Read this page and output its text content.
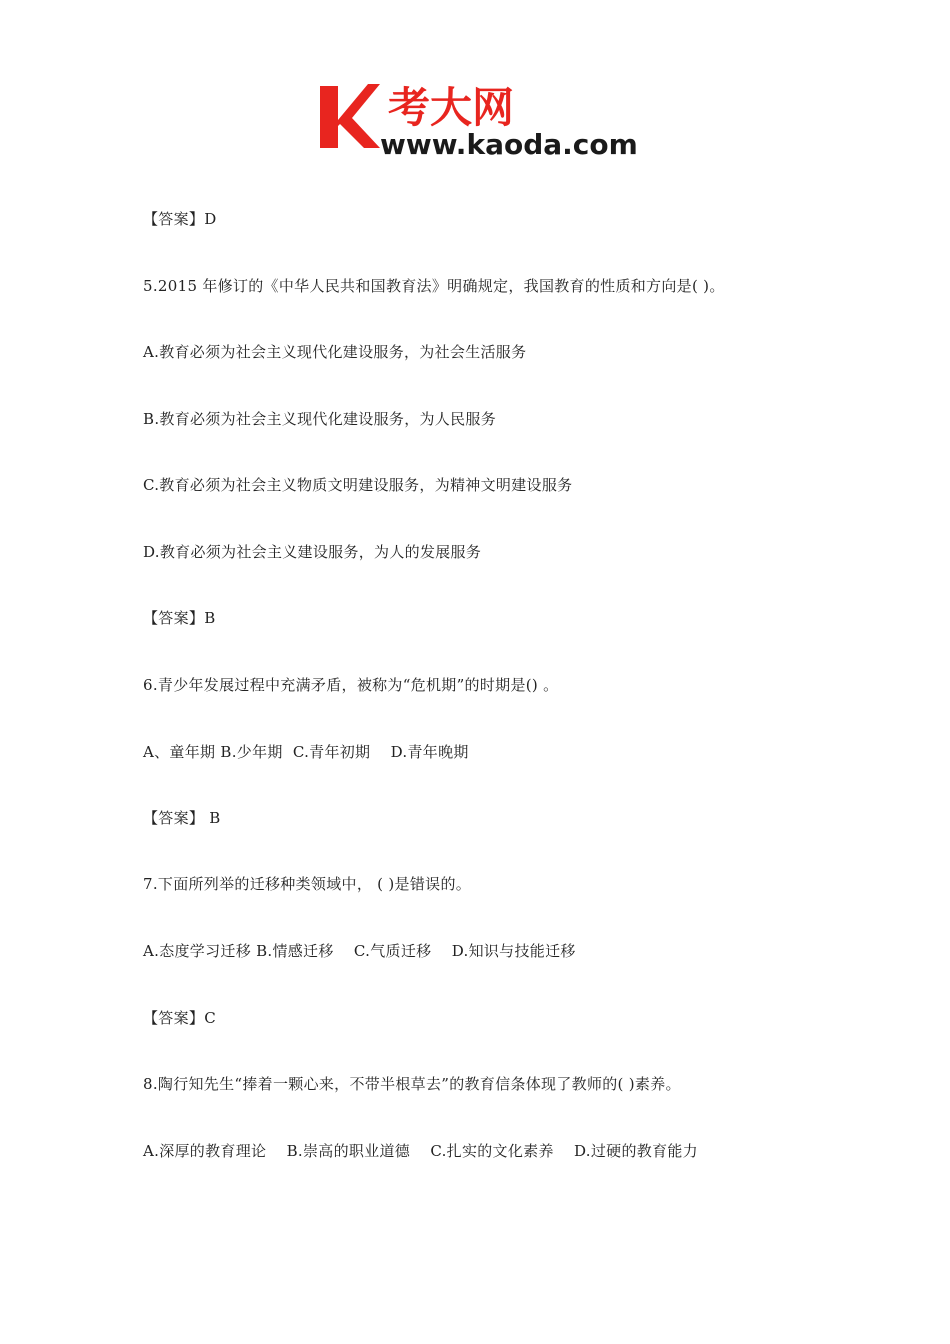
考大网
www.kaoda.com
【答案】D
5.2015 年修订的《中华人民共和国教育法》明确规定，我国教育的性质和方向是( )。
A.教育必须为社会主义现代化建设服务，为社会生活服务
B.教育必须为社会主义现代化建设服务，为人民服务
C.教育必须为社会主义物质文明建设服务，为精神文明建设服务
D.教育必须为社会主义建设服务，为人的发展服务
【答案】B
6.青少年发展过程中充满矛盾，被称为“危机期”的时期是() 。
A、童年期 B.少年期  C.青年初期    D.青年晚期
【答案】 B
7.下面所列举的迁移种类领域中， ( )是错误的。
A.态度学习迁移 B.情感迁移    C.气质迁移    D.知识与技能迁移
【答案】C
8.陶行知先生“捧着一颗心来，不带半根草去”的教育信条体现了教师的( )素养。
A.深厚的教育理论    B.崇高的职业道德    C.扎实的文化素养    D.过硬的教育能力
